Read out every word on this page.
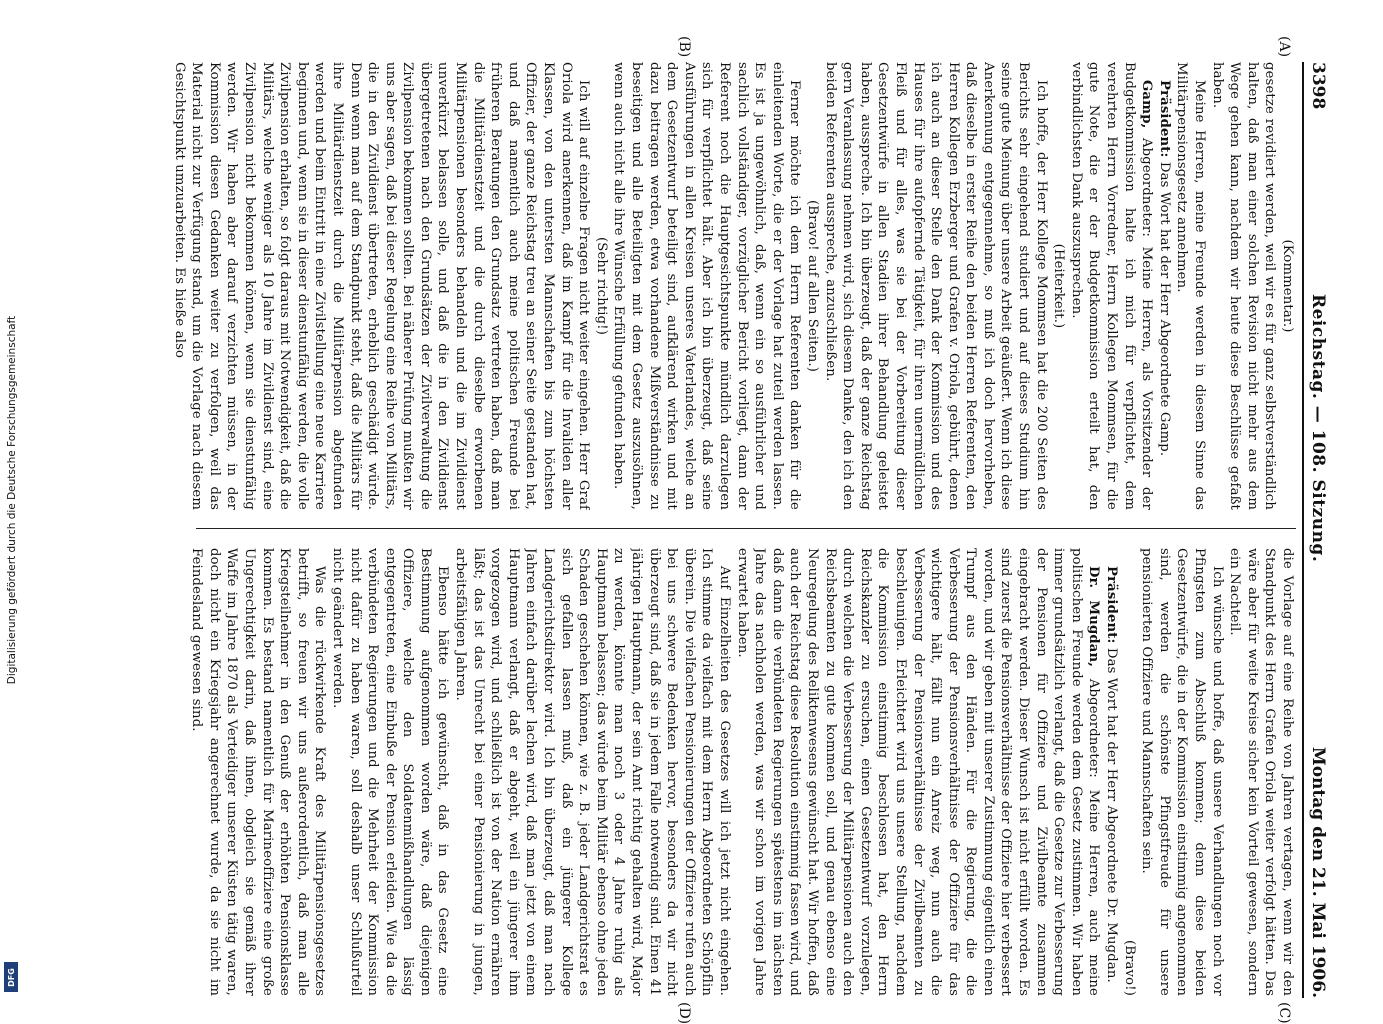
Digitalisierung gefördert durch die Deutsche Forschungsgemeinschaft
DFG
3398
Reichstag. — 108. Sitzung.
Montag den 21. Mai 1906.
(A)
(B)
(C)
(D)

(Kommentar.)

gesetze revidiert werden, weil wir es für ganz selbstverständlich halten, daß man einer solchen Revision nicht mehr aus dem Wege gehen kann, nachdem wir heute diese Beschlüsse gefaßt haben.

Meine Herren, meine Freunde werden in diesem Sinne das Militärpensionsgesetz annehmen.

Präsident: Das Wort hat der Herr Abgeordnete Gamp.

Gamp, Abgeordneter: Meine Herren, als Vorsitzender der Budgetkommission halte ich mich für verpflichtet, dem verehrten Herrn Vorredner, Herrn Kollegen Mommsen, für die gute Note, die er der Budgetkommission erteilt hat, den verbindlichsten Dank auszusprechen.

(Heiterkeit.)

Ich hoffe, der Herr Kollege Mommsen hat die 200 Seiten des Berichts sehr eingehend studiert und auf dieses Studium hin seine gute Meinung über unsere Arbeit geäußert. Wenn ich diese Anerkennung entgegennehme, so muß ich doch hervorheben, daß dieselbe in erster Reihe den beiden Herren Referenten, den Herren Kollegen Erzberger und Grafen v. Oriola, gebührt, denen ich auch an dieser Stelle den Dank der Kommission und des Hauses für ihre aufopfernde Tätigkeit, für ihren unermüdlichen Fleiß und für alles, was sie bei der Vorbereitung dieser Gesetzentwürfe in allen Stadien ihrer Behandlung geleistet haben, ausspreche. Ich bin überzeugt, daß der ganze Reichstag gern Veranlassung nehmen wird, sich diesem Danke, den ich den beiden Referenten ausspreche, anzuschließen.

(Bravo! auf allen Seiten.)

Ferner möchte ich dem Herrn Referenten danken für die einleitenden Worte, die er der Vorlage hat zuteil werden lassen. Es ist ja ungewöhnlich, daß, wenn ein so ausführlicher und sachlich vollständiger, vorzüglicher Bericht vorliegt, dann der Referent noch die Hauptgesichtspunkte mündlich darzulegen sich für verpflichtet hält. Aber ich bin überzeugt, daß seine Ausführungen in allen Kreisen unseres Vaterlandes, welche an dem Gesetzentwurf beteiligt sind, aufklärend wirken und mit dazu beitragen werden, etwa vorhandene Mißverständnisse zu beseitigen und alle Beteiligten mit dem Gesetz auszusöhnen, wenn auch nicht alle ihre Wünsche Erfüllung gefunden haben.

(Sehr richtig!)

Ich will auf einzelne Fragen nicht weiter eingehen. Herr Graf Oriola wird anerkennen, daß im Kampf für die Invaliden aller Klassen, von den untersten Mannschaften bis zum höchsten Offizier, der ganze Reichstag treu an seiner Seite gestanden hat, und daß namentlich auch meine politischen Freunde bei früheren Beratungen den Grundsatz vertreten haben, daß man die Militärdienstzeit und die durch dieselbe erworbenen Militärpensionen besonders behandeln und die im Zivildienst unverkürzt belassen solle, und daß die in den Zivildienst übergetretenen nach den Grundsätzen der Zivilverwaltung die Zivilpension bekommen sollten. Bei näherer Prüfung mußten wir uns aber sagen, daß bei dieser Regelung eine Reihe von Militärs, die in den Zivildienst übertreten, erheblich geschädigt würde. Denn wenn man auf dem Standpunkt steht, daß die Militärs für ihre Militärdienstzeit durch die Militärpension abgefunden werden und beim Eintritt in eine Zivilstellung eine neue Karriere beginnen und, wenn sie in dieser dienstunfähig werden, die volle Zivilpension erhalten, so folgt daraus mit Notwendigkeit, daß die Militärs, welche weniger als 10 Jahre im Zivildienst sind, eine Zivilpension nicht bekommen können, wenn sie dienstunfähig werden. Wir haben aber darauf verzichten müssen, in der Kommission diesen Gedanken weiter zu verfolgen, weil das Material nicht zur Verfügung stand, um die Vorlage nach diesem Gesichtspunkt umzuarbeiten. Es hieße also

die Vorlage auf eine Reihe von Jahren vertagen, wenn wir den Standpunkt des Herrn Grafen Oriola weiter verfolgt hätten. Das wäre aber für weite Kreise sicher kein Vorteil gewesen, sondern ein Nachteil.

Ich wünsche und hoffe, daß unsere Verhandlungen noch vor Pfingsten zum Abschluß kommen; denn diese beiden Gesetzentwürfe, die in der Kommission einstimmig angenommen sind, werden die schönste Pfingstfreude für unsere pensionierten Offiziere und Mannschaften sein.

(Bravo!)

Präsident: Das Wort hat der Herr Abgeordnete Dr. Mugdan.

Dr. Mugdan, Abgeordneter: Meine Herren, auch meine politischen Freunde werden dem Gesetz zustimmen. Wir haben immer grundsätzlich verlangt, daß die Gesetze zur Verbesserung der Pensionen für Offiziere und Zivilbeamte zusammen eingebracht werden. Dieser Wunsch ist nicht erfüllt worden. Es sind zuerst die Pensionsverhältnisse der Offiziere hier verbessert worden, und wir geben mit unserer Zustimmung eigentlich einen Trumpf aus den Händen. Für die Regierung, die die Verbesserung der Pensionsverhältnisse der Offiziere für das wichtigere hält, fällt nun ein Anreiz weg, nun auch die Verbesserung der Pensionsverhältnisse der Zivilbeamten zu beschleunigen. Erleichtert wird uns unsere Stellung, nachdem die Kommission einstimmig beschlossen hat, den Herrn Reichskanzler zu ersuchen, einen Gesetzentwurf vorzulegen, durch welchen die Verbesserung der Militärpensionen auch den Reichsbeamten zu gute kommen soll, und genau ebenso eine Neuregelung des Reliktenwesens gewünscht hat. Wir hoffen, daß auch der Reichstag diese Resolution einstimmig fassen wird, und daß dann die verbündeten Regierungen spätestens im nächsten Jahre das nachholen werden, was wir schon im vorigen Jahre erwartet haben.

Auf Einzelheiten des Gesetzes will ich jetzt nicht eingehen. Ich stimme da vielfach mit dem Herrn Abgeordneten Schöpflin überein. Die vielfachen Pensionierungen der Offiziere rufen auch bei uns schwere Bedenken hervor, besonders da wir nicht überzeugt sind, daß sie in jedem Falle notwendig sind. Einen 41 jährigen Hauptmann, der sein Amt richtig gehalten wird, Major zu werden, könnte man noch 3 oder 4 Jahre ruhig als Hauptmann belassen; das würde beim Militär ebenso ohne jeden Schaden geschehen können, wie z. B. jeder Landgerichtsrat es sich gefallen lassen muß, daß ein jüngerer Kollege Landgerichtsdirektor wird. Ich bin überzeugt, daß man nach Jahren einfach darüber lachen wird, daß man jetzt von einem Hauptmann verlangt, daß er abgeht, weil ein jüngerer ihm vorgezogen wird, und schließlich ist von der Nation ernähren läßt; das ist das Unrecht bei einer Pensionierung in jungen, arbeitsfähigen Jahren.

Ebenso hätte ich gewünscht, daß in das Gesetz eine Bestimmung aufgenommen worden wäre, daß diejenigen Offiziere, welche den Soldatenmißhandlungen lässig entgegentreten, eine Einbuße der Pension erleiden. Wie da die verbündeten Regierungen und die Mehrheit der Kommission nicht dafür zu haben waren, soll deshalb unser Schlußurteil nicht geändert werden.

Was die rückwirkende Kraft des Militärpensionsgesetzes betrifft, so freuen wir uns außerordentlich, daß man alle Kriegsteilnehmer in den Genuß der erhöhten Pensionsklasse kommen. Es bestand namentlich für Marineoffiziere eine große Ungerechtigkeit darin, daß ihnen, obgleich sie gemäß ihrer Waffe im Jahre 1870 als Verteidiger unserer Küsten tätig waren, doch nicht ein Kriegsjahr angerechnet wurde, da sie nicht im Feindesland gewesen sind.
